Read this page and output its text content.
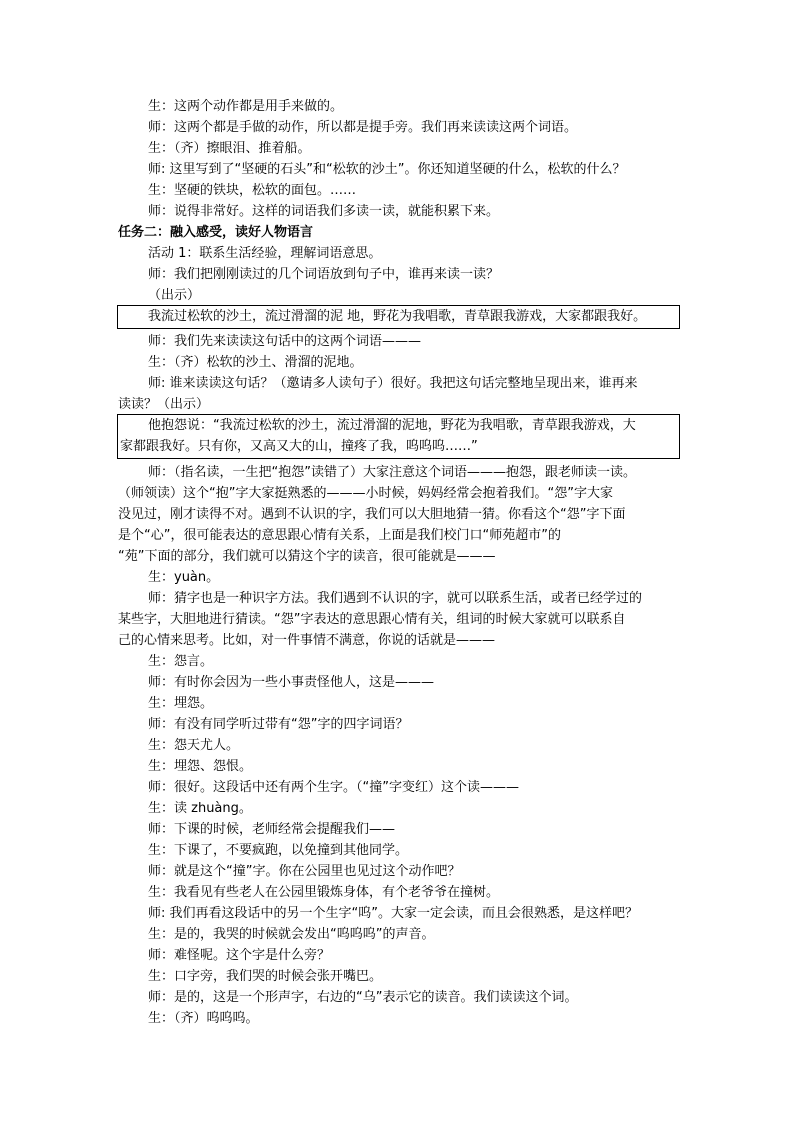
生：这两个动作都是用手来做的。
师：这两个都是手做的动作，所以都是提手旁。我们再来读读这两个词语。
生：（齐）擦眼泪、推着船。
师: 这里写到了“坚硬的石头”和“松软的沙土”。你还知道坚硬的什么，松软的什么？
生：坚硬的铁块，松软的面包。……
师：说得非常好。这样的词语我们多读一读，就能积累下来。
任务二：融入感受，读好人物语言
活动 1：联系生活经验，理解词语意思。
师：我们把刚刚读过的几个词语放到句子中，谁再来读一读？
（出示）
我流过松软的沙土，流过滑溜的泥 地，野花为我唱歌，青草跟我游戏，大家都跟我好。
师：我们先来读读这句话中的这两个词语———
生：（齐）松软的沙土、滑溜的泥地。
师: 谁来读读这句话？（邀请多人读句子）很好。我把这句话完整地呈现出来，谁再来
读读？（出示）
他抱怨说：“我流过松软的沙土，流过滑溜的泥地，野花为我唱歌，青草跟我游戏，大
家都跟我好。只有你，又高又大的山，撞疼了我，呜呜呜……”
师：（指名读，一生把“抱怨”读错了）大家注意这个词语———抱怨，跟老师读一读。
（师领读）这个“抱”字大家挺熟悉的———小时候，妈妈经常会抱着我们。“怨”字大家
没见过，刚才读得不对。遇到不认识的字，我们可以大胆地猜一猜。你看这个“怨”字下面
是个“心”，很可能表达的意思跟心情有关系，上面是我们校门口“师苑超市”的
“苑”下面的部分，我们就可以猜这个字的读音，很可能就是———
生：yuàn。
师：猜字也是一种识字方法。我们遇到不认识的字，就可以联系生活，或者已经学过的
某些字，大胆地进行猜读。“怨”字表达的意思跟心情有关，组词的时候大家就可以联系自
己的心情来思考。比如，对一件事情不满意，你说的话就是———
生：怨言。
师：有时你会因为一些小事责怪他人，这是———
生：埋怨。
师：有没有同学听过带有“怨”字的四字词语？
生：怨天尤人。
生：埋怨、怨恨。
师：很好。这段话中还有两个生字。（“撞”字变红）这个读———
生：读 zhuàng。
师：下课的时候，老师经常会提醒我们——
生：下课了，不要疯跑，以免撞到其他同学。
师：就是这个“撞”字。你在公园里也见过这个动作吧？
生：我看见有些老人在公园里锻炼身体，有个老爷爷在撞树。
师: 我们再看这段话中的另一个生字“呜”。大家一定会读，而且会很熟悉，是这样吧？
生：是的，我哭的时候就会发出“呜呜呜”的声音。
师：难怪呢。这个字是什么旁？
生：口字旁，我们哭的时候会张开嘴巴。
师：是的，这是一个形声字，右边的“乌”表示它的读音。我们读读这个词。
生：（齐）呜呜呜。
